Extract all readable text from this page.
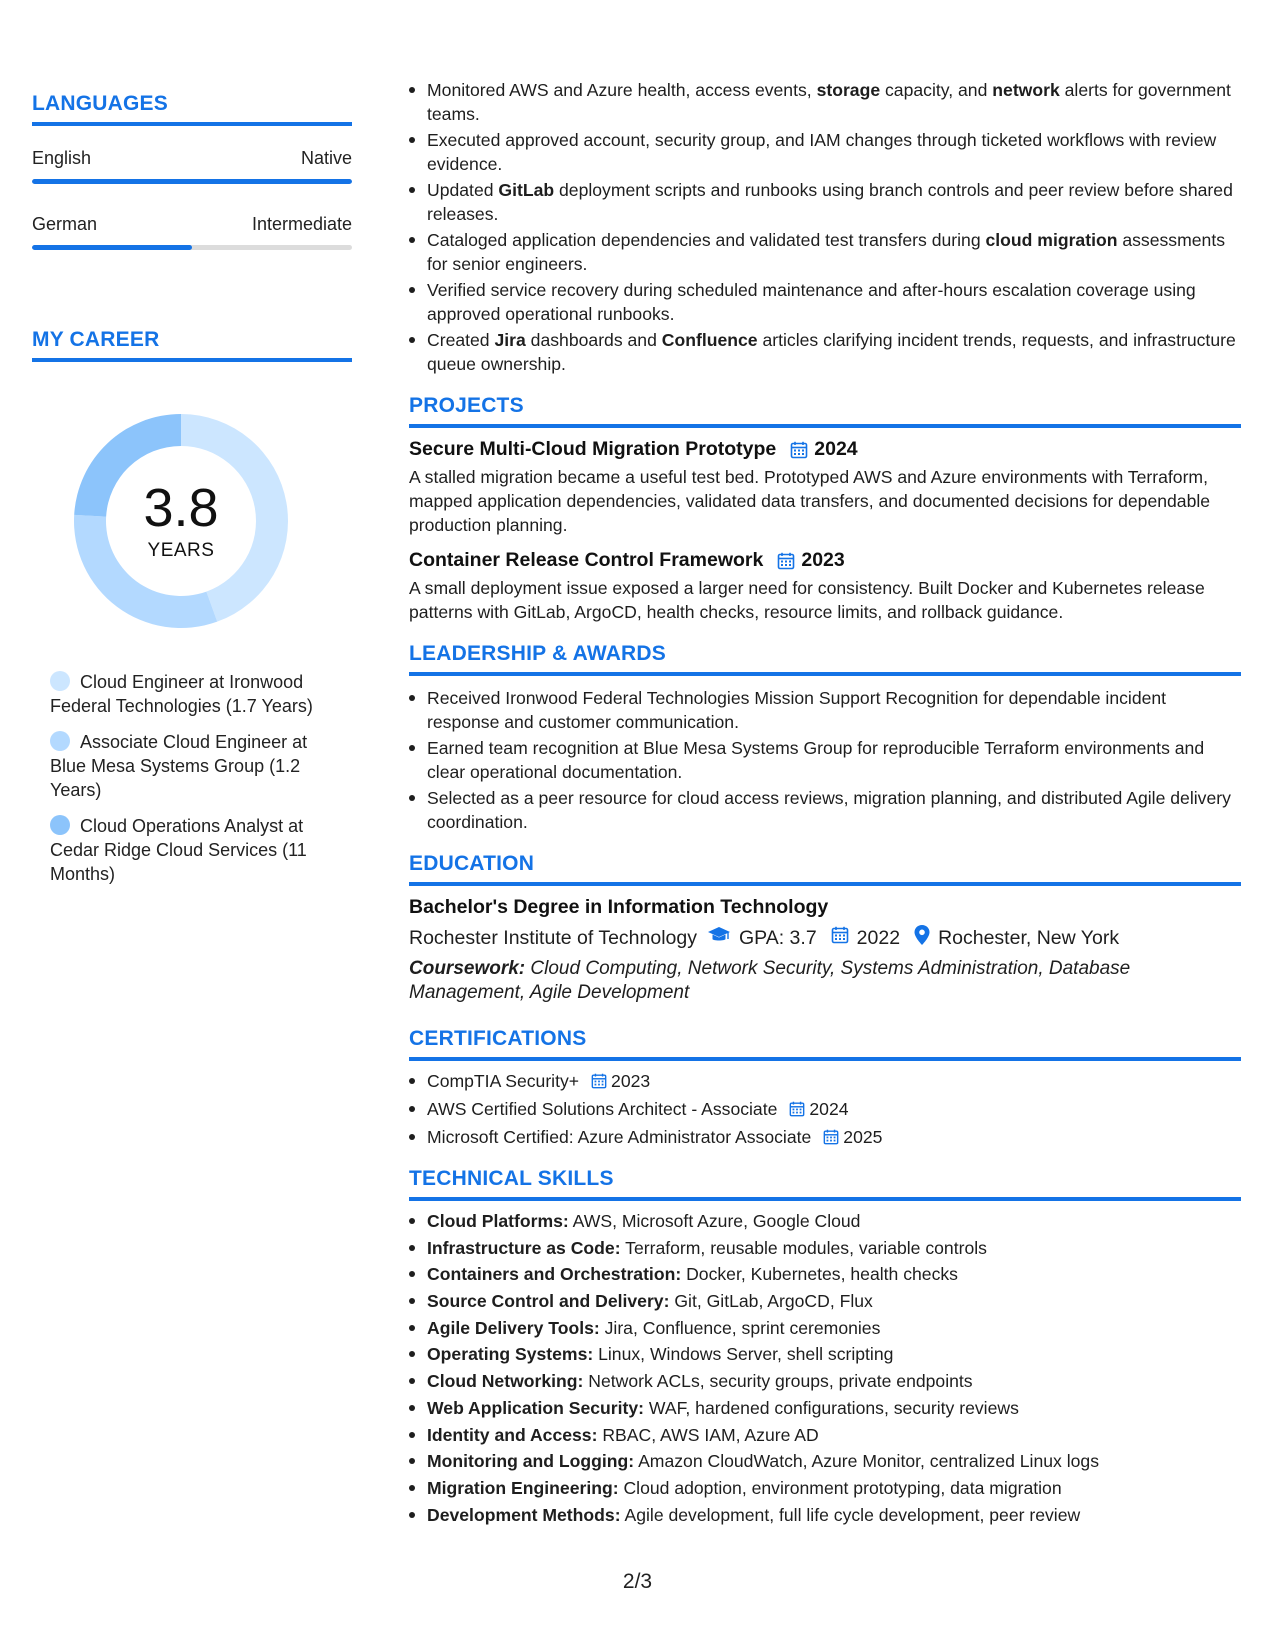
LANGUAGES
English	Native
German	Intermediate
MY CAREER
3.8
YEARS
Cloud Engineer at Ironwood Federal Technologies (1.7 Years)
Associate Cloud Engineer at Blue Mesa Systems Group (1.2 Years)
Cloud Operations Analyst at Cedar Ridge Cloud Services (11 Months)
Monitored AWS and Azure health, access events, storage capacity, and network alerts for government teams.
Executed approved account, security group, and IAM changes through ticketed workflows with review evidence.
Updated GitLab deployment scripts and runbooks using branch controls and peer review before shared releases.
Cataloged application dependencies and validated test transfers during cloud migration assessments for senior engineers.
Verified service recovery during scheduled maintenance and after-hours escalation coverage using approved operational runbooks.
Created Jira dashboards and Confluence articles clarifying incident trends, requests, and infrastructure queue ownership.
PROJECTS
Secure Multi-Cloud Migration Prototype 2024
A stalled migration became a useful test bed. Prototyped AWS and Azure environments with Terraform, mapped application dependencies, validated data transfers, and documented decisions for dependable production planning.
Container Release Control Framework 2023
A small deployment issue exposed a larger need for consistency. Built Docker and Kubernetes release patterns with GitLab, ArgoCD, health checks, resource limits, and rollback guidance.
LEADERSHIP & AWARDS
Received Ironwood Federal Technologies Mission Support Recognition for dependable incident response and customer communication.
Earned team recognition at Blue Mesa Systems Group for reproducible Terraform environments and clear operational documentation.
Selected as a peer resource for cloud access reviews, migration planning, and distributed Agile delivery coordination.
EDUCATION
Bachelor's Degree in Information Technology
Rochester Institute of Technology GPA: 3.7 2022 Rochester, New York
Coursework: Cloud Computing, Network Security, Systems Administration, Database Management, Agile Development
CERTIFICATIONS
CompTIA Security+ 2023
AWS Certified Solutions Architect - Associate 2024
Microsoft Certified: Azure Administrator Associate 2025
TECHNICAL SKILLS
Cloud Platforms: AWS, Microsoft Azure, Google Cloud
Infrastructure as Code: Terraform, reusable modules, variable controls
Containers and Orchestration: Docker, Kubernetes, health checks
Source Control and Delivery: Git, GitLab, ArgoCD, Flux
Agile Delivery Tools: Jira, Confluence, sprint ceremonies
Operating Systems: Linux, Windows Server, shell scripting
Cloud Networking: Network ACLs, security groups, private endpoints
Web Application Security: WAF, hardened configurations, security reviews
Identity and Access: RBAC, AWS IAM, Azure AD
Monitoring and Logging: Amazon CloudWatch, Azure Monitor, centralized Linux logs
Migration Engineering: Cloud adoption, environment prototyping, data migration
Development Methods: Agile development, full life cycle development, peer review
2/3
